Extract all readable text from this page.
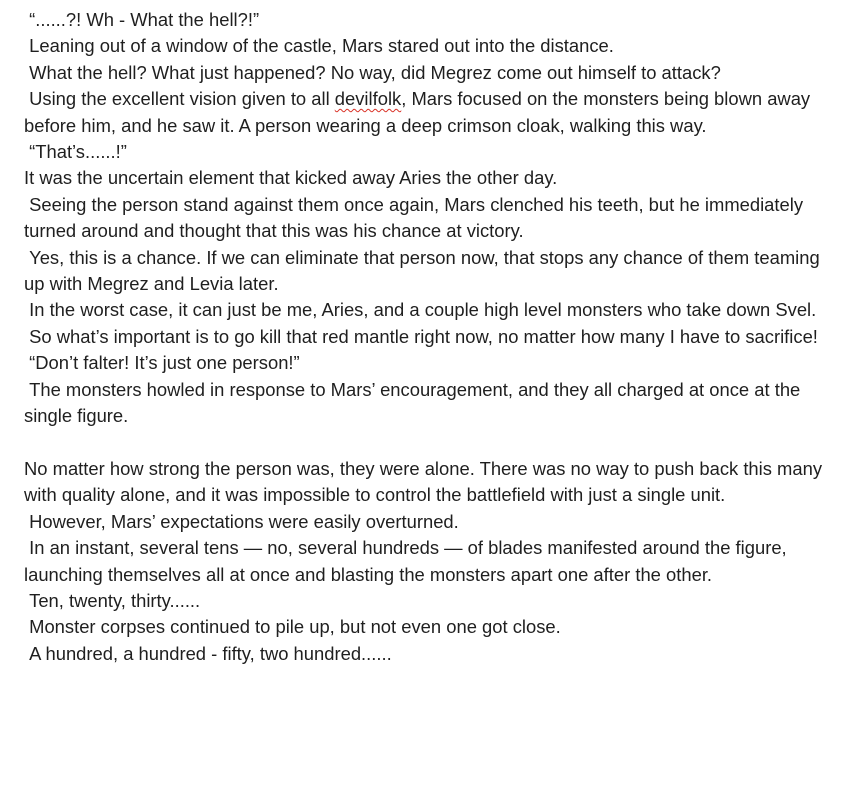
“......?! Wh - What the hell?!”

Leaning out of a window of the castle, Mars stared out into the distance.

What the hell? What just happened? No way, did Megrez come out himself to attack?

Using the excellent vision given to all devilfolk, Mars focused on the monsters being blown away before him, and he saw it. A person wearing a deep crimson cloak, walking this way.

“That’s......!”

It was the uncertain element that kicked away Aries the other day.

Seeing the person stand against them once again, Mars clenched his teeth, but he immediately turned around and thought that this was his chance at victory.

Yes, this is a chance. If we can eliminate that person now, that stops any chance of them teaming up with Megrez and Levia later.

In the worst case, it can just be me, Aries, and a couple high level monsters who take down Svel.

So what’s important is to go kill that red mantle right now, no matter how many I have to sacrifice!

“Don’t falter! It’s just one person!”

The monsters howled in response to Mars’ encouragement, and they all charged at once at the single figure.

No matter how strong the person was, they were alone. There was no way to push back this many with quality alone, and it was impossible to control the battlefield with just a single unit.

However, Mars’ expectations were easily overturned.

In an instant, several tens — no, several hundreds — of blades manifested around the figure, launching themselves all at once and blasting the monsters apart one after the other.

Ten, twenty, thirty......

Monster corpses continued to pile up, but not even one got close.

A hundred, a hundred - fifty, two hundred......
